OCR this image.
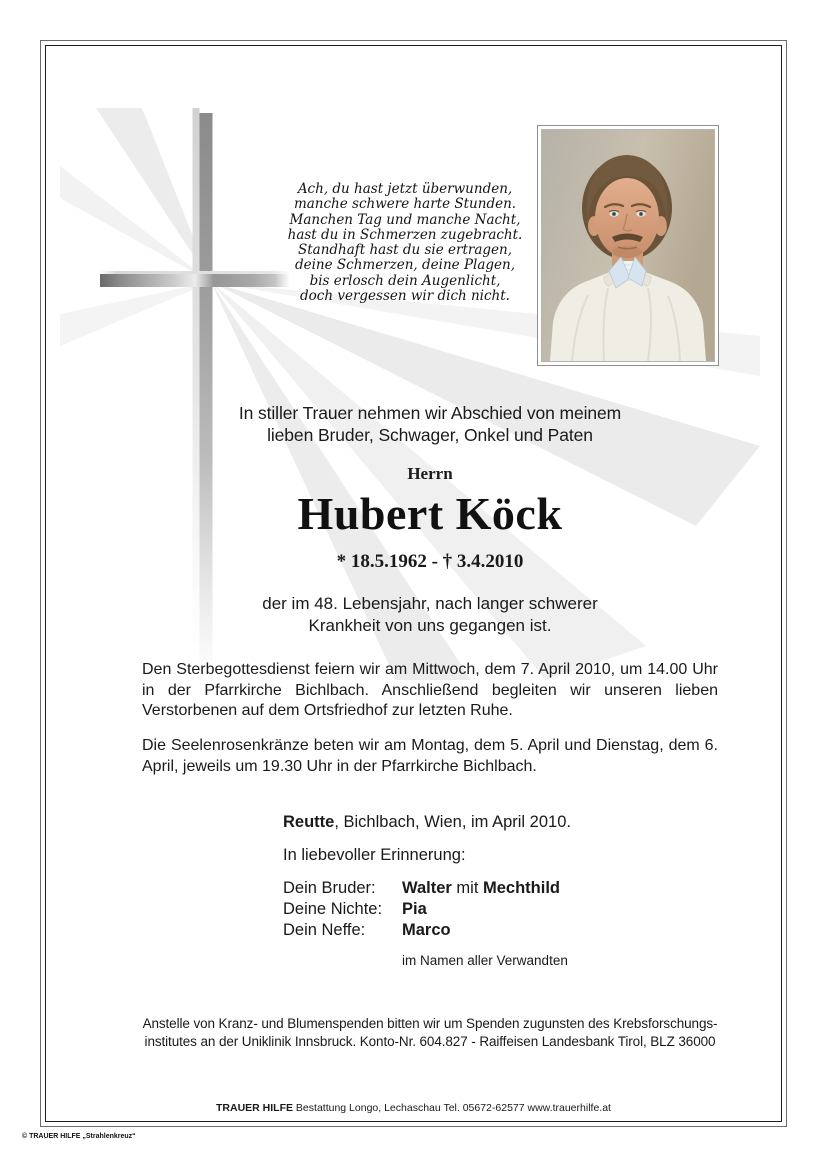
Ach, du hast jetzt überwunden,
manche schwere harte Stunden.
Manchen Tag und manche Nacht,
hast du in Schmerzen zugebracht.
Standhaft hast du sie ertragen,
deine Schmerzen, deine Plagen,
bis erlosch dein Augenlicht,
doch vergessen wir dich nicht.
In stiller Trauer nehmen wir Abschied von meinem
lieben Bruder, Schwager, Onkel und Paten
Herrn
Hubert Köck
* 18.5.1962 - † 3.4.2010
der im 48. Lebensjahr, nach langer schwerer
Krankheit von uns gegangen ist.
Den Sterbegottesdienst feiern wir am Mittwoch, dem 7. April 2010, um 14.00 Uhr in der Pfarrkirche Bichlbach. Anschließend begleiten wir unseren lieben Verstorbenen auf dem Ortsfriedhof zur letzten Ruhe.
Die Seelenrosenkränze beten wir am Montag, dem 5. April und Dienstag, dem 6. April, jeweils um 19.30 Uhr in der Pfarrkirche Bichlbach.
Reutte, Bichlbach, Wien, im April 2010.
In liebevoller Erinnerung:
Dein Bruder:	Walter mit Mechthild
Deine Nichte:	Pia
Dein Neffe:	Marco
im Namen aller Verwandten
Anstelle von Kranz- und Blumenspenden bitten wir um Spenden zugunsten des Krebsforschungs-
institutes an der Uniklinik Innsbruck. Konto-Nr. 604.827 - Raiffeisen Landesbank Tirol, BLZ 36000
TRAUER HILFE Bestattung Longo, Lechaschau Tel. 05672-62577 www.trauerhilfe.at
© TRAUER HILFE „Strahlenkreuz“
